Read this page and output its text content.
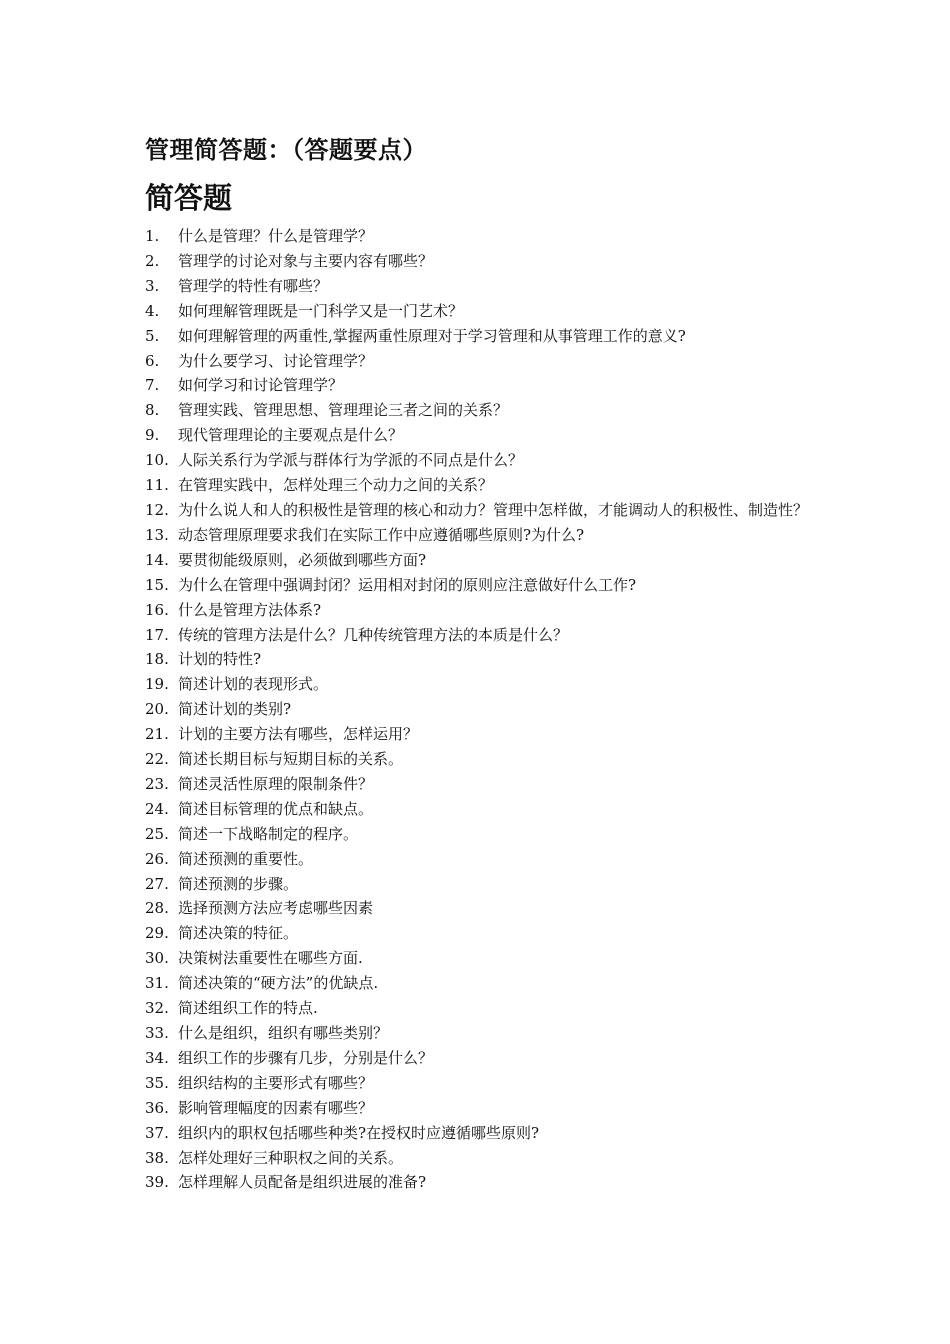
管理简答题：（答题要点）
简答题
1.	什么是管理？什么是管理学？
2.	管理学的讨论对象与主要内容有哪些？
3.	管理学的特性有哪些？
4.	如何理解管理既是一门科学又是一门艺术？
5.	如何理解管理的两重性,掌握两重性原理对于学习管理和从事管理工作的意义?
6.	为什么要学习、讨论管理学？
7.	如何学习和讨论管理学？
8.	管理实践、管理思想、管理理论三者之间的关系？
9.	现代管理理论的主要观点是什么？
10. 人际关系行为学派与群体行为学派的不同点是什么？
11. 在管理实践中，怎样处理三个动力之间的关系？
12. 为什么说人和人的积极性是管理的核心和动力？管理中怎样做，才能调动人的积极性、制造性？
13. 动态管理原理要求我们在实际工作中应遵循哪些原则?为什么?
14. 要贯彻能级原则，必须做到哪些方面?
15. 为什么在管理中强调封闭？运用相对封闭的原则应注意做好什么工作?
16. 什么是管理方法体系?
17. 传统的管理方法是什么？几种传统管理方法的本质是什么？
18. 计划的特性?
19. 简述计划的表现形式。
20. 简述计划的类别?
21. 计划的主要方法有哪些，怎样运用？
22. 简述长期目标与短期目标的关系。
23. 简述灵活性原理的限制条件？
24. 简述目标管理的优点和缺点。
25. 简述一下战略制定的程序。
26. 简述预测的重要性。
27. 简述预测的步骤。
28. 选择预测方法应考虑哪些因素
29. 简述决策的特征。
30. 决策树法重要性在哪些方面.
31. 简述决策的“硬方法”的优缺点.
32. 简述组织工作的特点.
33. 什么是组织，组织有哪些类别？
34. 组织工作的步骤有几步，分别是什么？
35. 组织结构的主要形式有哪些？
36. 影响管理幅度的因素有哪些？
37. 组织内的职权包括哪些种类?在授权时应遵循哪些原则?
38. 怎样处理好三种职权之间的关系。
39. 怎样理解人员配备是组织进展的准备?
